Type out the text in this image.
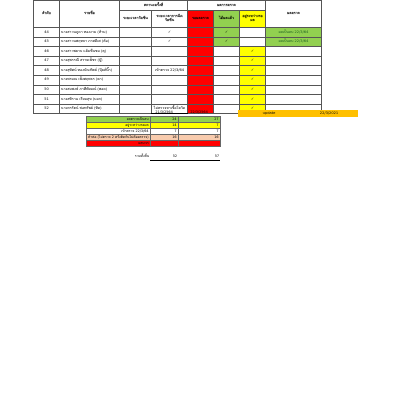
ลำดับ	รายชื่อ	สถานะครั้งที่		ผลการตรวจ			ผลตรวจ
		ระยะเวลาวัคซีน	ระยะเวลาการฉีดวัคซีน	รอผลตรวจ	ได้ผลแล้ว	อยู่ระหว่างรอผล	
44	นางสาวนภูดา ทองงาม (ห้าม)		✓		✓		ผลเป็นลบ 22/3/64
45	นางสาวนพฤทธา ภาศดีเศ (ต้อ)		✓		✓		ผลเป็นลบ 22/3/64
46	นางสาวพยาบ แย้มชื่นชม (ตุ)					✓	
47	นางสุพรรณี สรายเพ็ชร (บู๊)					✓	
48	นางสุทัศน์ ทองบัณฑิตย์ (ปุ๊ยส์บิ๊ก)		เข้าตรวจ 22/3/64			✓	
49	นางพรมณ เพ็งศฤพธร (ธก)					✓	
50	นางสมพงษ์ ภาศีพัยมณ์ (พอด)					✓	
51	นางสทิราฉ เรียมสุข (บอก)					✓	
52	นายกรรัตน์ ช่อทรัพย์ (ทิด)		ไม่ตรวจหาเชื้อโควิด			✓	
update	22/3/2021
	21/3/2564	22/3/2564
ผลตรวจเป็นลบ	24	27
อยู่ระหว่างรอผล	14	7
เข้าตรวจ 22/3/64	7	7
ทำต่อ (ไม่ตรวจ 2 ครั้งติดกันไม่ต้องตรวจ)	16	16
ผลบวก		

รวมทั้งสิ้น	52	57
